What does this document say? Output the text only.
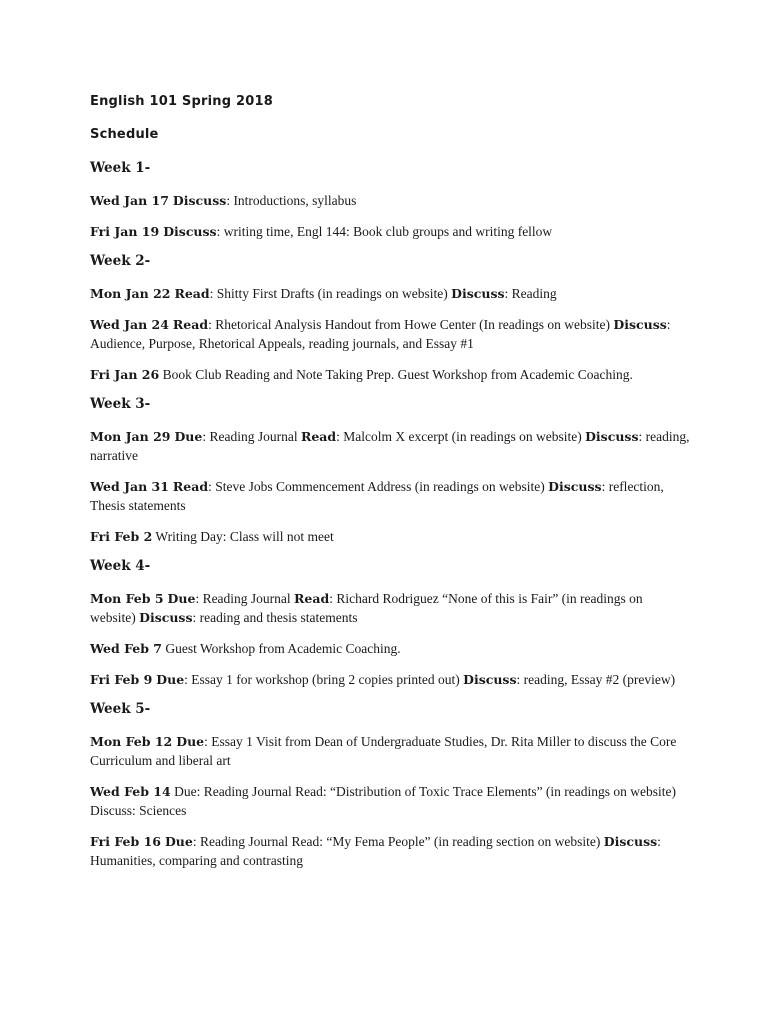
English 101 Spring 2018
Schedule
Week 1-
Wed Jan 17 Discuss: Introductions, syllabus
Fri Jan 19 Discuss: writing time, Engl 144: Book club groups and writing fellow
Week 2-
Mon Jan 22 Read: Shitty First Drafts (in readings on website) Discuss: Reading
Wed Jan 24 Read: Rhetorical Analysis Handout from Howe Center (In readings on website) Discuss: Audience, Purpose, Rhetorical Appeals, reading journals, and Essay #1
Fri Jan 26 Book Club Reading and Note Taking Prep. Guest Workshop from Academic Coaching.
Week 3-
Mon Jan 29 Due: Reading Journal Read: Malcolm X excerpt (in readings on website) Discuss: reading, narrative
Wed Jan 31 Read: Steve Jobs Commencement Address (in readings on website) Discuss: reflection, Thesis statements
Fri Feb 2 Writing Day: Class will not meet
Week 4-
Mon Feb 5 Due: Reading Journal Read: Richard Rodriguez “None of this is Fair” (in readings on website) Discuss: reading and thesis statements
Wed Feb 7 Guest Workshop from Academic Coaching.
Fri Feb 9 Due: Essay 1 for workshop (bring 2 copies printed out) Discuss: reading, Essay #2 (preview)
Week 5-
Mon Feb 12 Due: Essay 1 Visit from Dean of Undergraduate Studies, Dr. Rita Miller to discuss the Core Curriculum and liberal art
Wed Feb 14 Due: Reading Journal Read: “Distribution of Toxic Trace Elements” (in readings on website) Discuss: Sciences
Fri Feb 16 Due: Reading Journal Read: “My Fema People” (in reading section on website) Discuss: Humanities, comparing and contrasting
